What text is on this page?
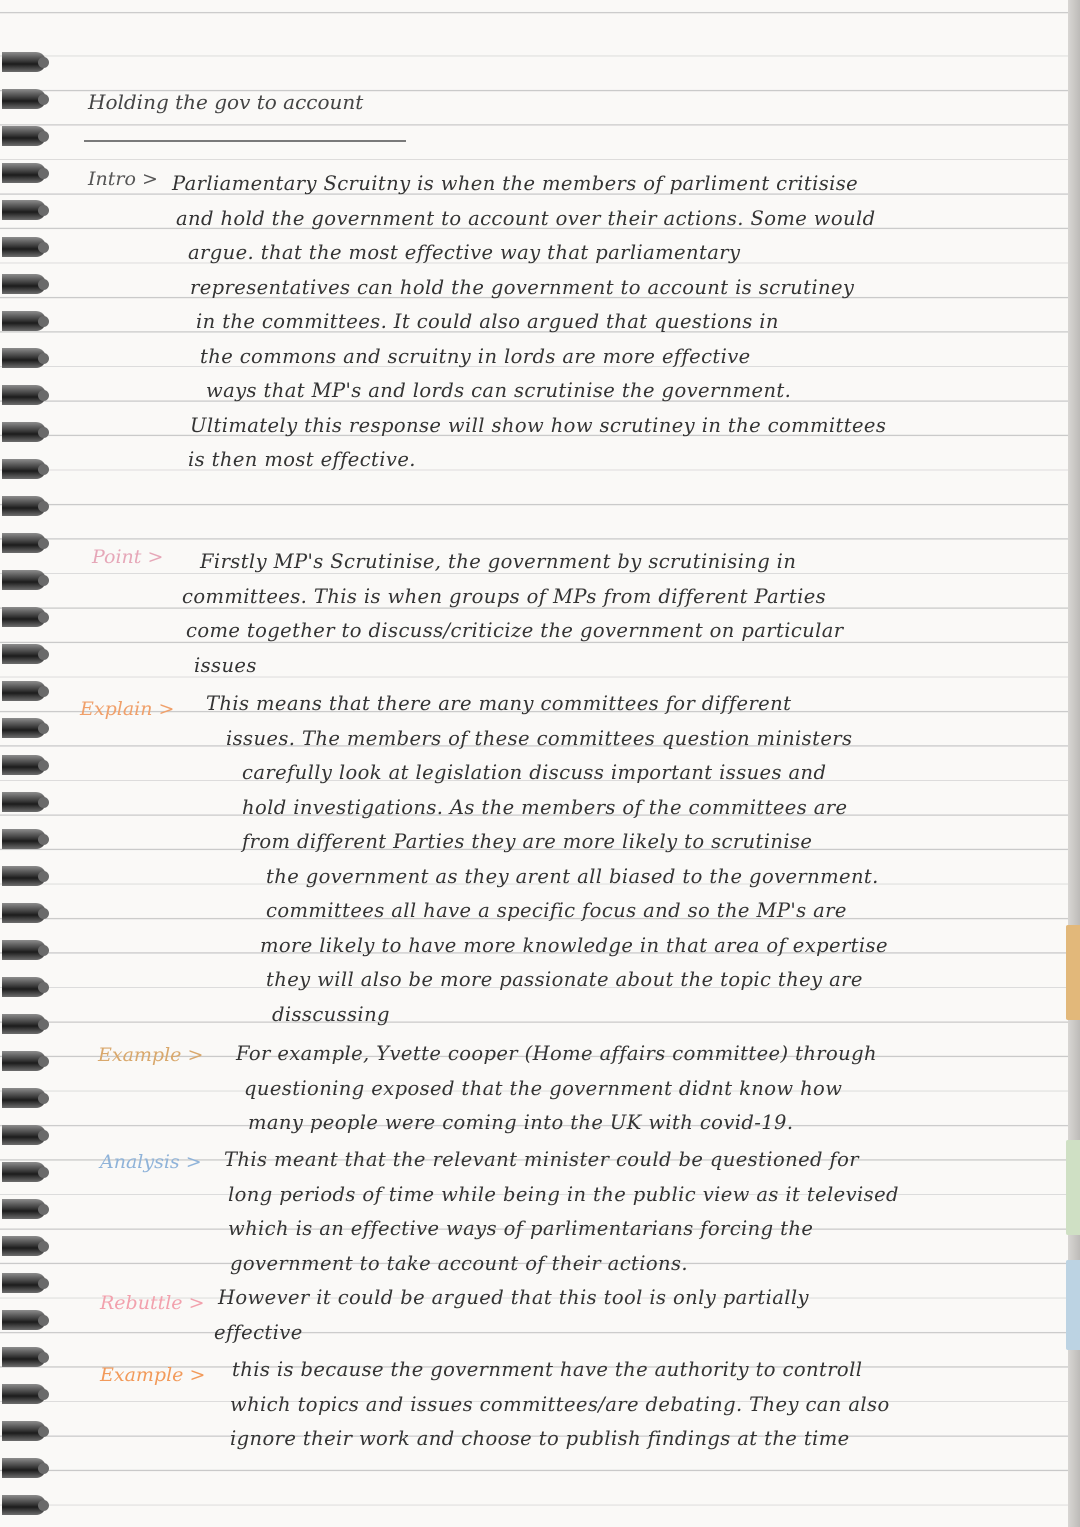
Holding the gov to account
Intro > Parliamentary Scruitny is when the members of parliment critisise
and hold the government to account over their actions. Some would
argue. that the most effective way that parliamentary
representatives can hold the government to account is scrutiney
in the committees. It could also argued that questions in
the commons and scruitny in lords are more effective
ways that MP's and lords can scrutinise the government.
Ultimately this response will show how scrutiney in the committees
is then most effective.
Point > Firstly MP's Scrutinise, the government by scrutinising in
committees. This is when groups of MPs from different Parties
come together to discuss/criticize the government on particular
issues
Explain > This means that there are many committees for different
issues. The members of these committees question ministers
carefully look at legislation discuss important issues and
hold investigations. As the members of the committees are
from different Parties they are more likely to scrutinise
the government as they arent all biased to the government.
committees all have a specific focus and so the MP's are
more likely to have more knowledge in that area of expertise
they will also be more passionate about the topic they are
disscussing
Example > For example, Yvette cooper (Home affairs committee) through
questioning exposed that the government didnt know how
many people were coming into the UK with covid-19.
Analysis > This meant that the relevant minister could be questioned for
long periods of time while being in the public view as it televised
which is an effective ways of parlimentarians forcing the
government to take account of their actions.
Rebuttle > However it could be argued that this tool is only partially
effective
Example > this is because the government have the authority to controll
which topics and issues committees/are debating. They can also
ignore their work and choose to publish findings at the time
